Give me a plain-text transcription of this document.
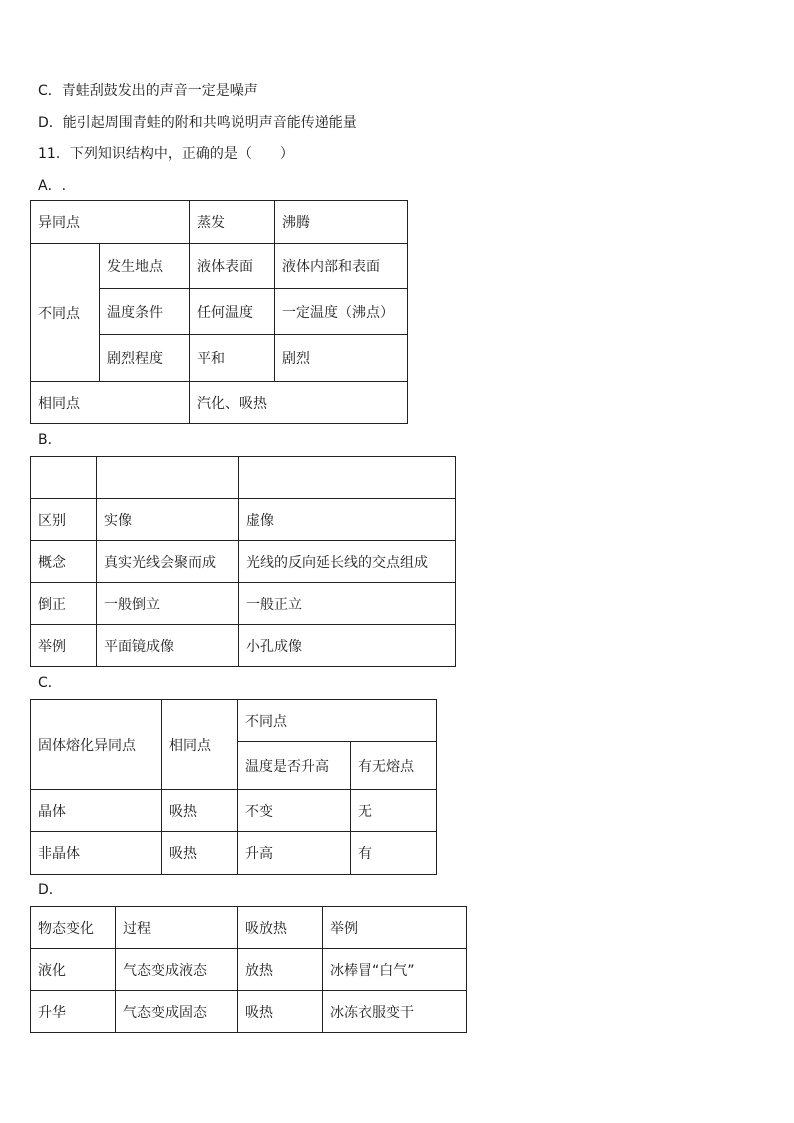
C．青蛙刮鼓发出的声音一定是噪声
D．能引起周围青蛙的附和共鸣说明声音能传递能量
11．下列知识结构中，正确的是（　　）
A．.
异同点		蒸发	沸腾
不同点	发生地点	液体表面	液体内部和表面
	温度条件	任何温度	一定温度（沸点）
	剧烈程度	平和	剧烈
相同点		汽化、吸热	
B．

区别	实像	虚像
概念	真实光线会聚而成	光线的反向延长线的交点组成
倒正	一般倒立	一般正立
举例	平面镜成像	小孔成像
C．
固体熔化异同点	相同点	不同点	
		温度是否升高	有无熔点
晶体	吸热	不变	无
非晶体	吸热	升高	有
D．
物态变化	过程	吸放热	举例
液化	气态变成液态	放热	冰棒冒“白气”
升华	气态变成固态	吸热	冰冻衣服变干
